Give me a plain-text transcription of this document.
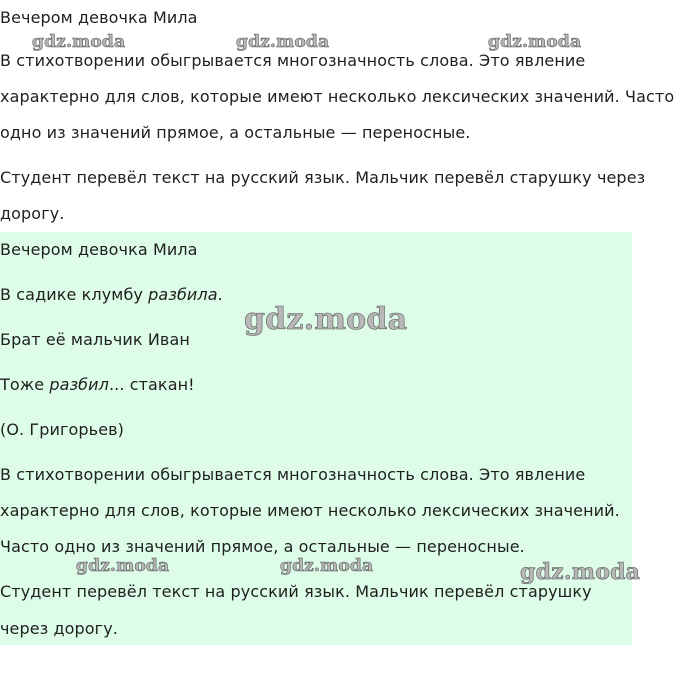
Вечером девочка Мила
В стихотворении обыгрывается многозначность слова. Это явление
характерно для слов, которые имеют несколько лексических значений. Часто
одно из значений прямое, а остальные — переносные.
Студент перевёл текст на русский язык. Мальчик перевёл старушку через
дорогу.
Вечером девочка Мила
В садике клумбу разбила.
Брат её мальчик Иван
Тоже разбил... стакан!
(О. Григорьев)
В стихотворении обыгрывается многозначность слова. Это явление
характерно для слов, которые имеют несколько лексических значений.
Часто одно из значений прямое, а остальные — переносные.
Студент перевёл текст на русский язык. Мальчик перевёл старушку
через дорогу.
gdz.moda	gdz.moda	gdz.moda
gdz.moda
gdz.moda	gdz.moda	gdz.moda
